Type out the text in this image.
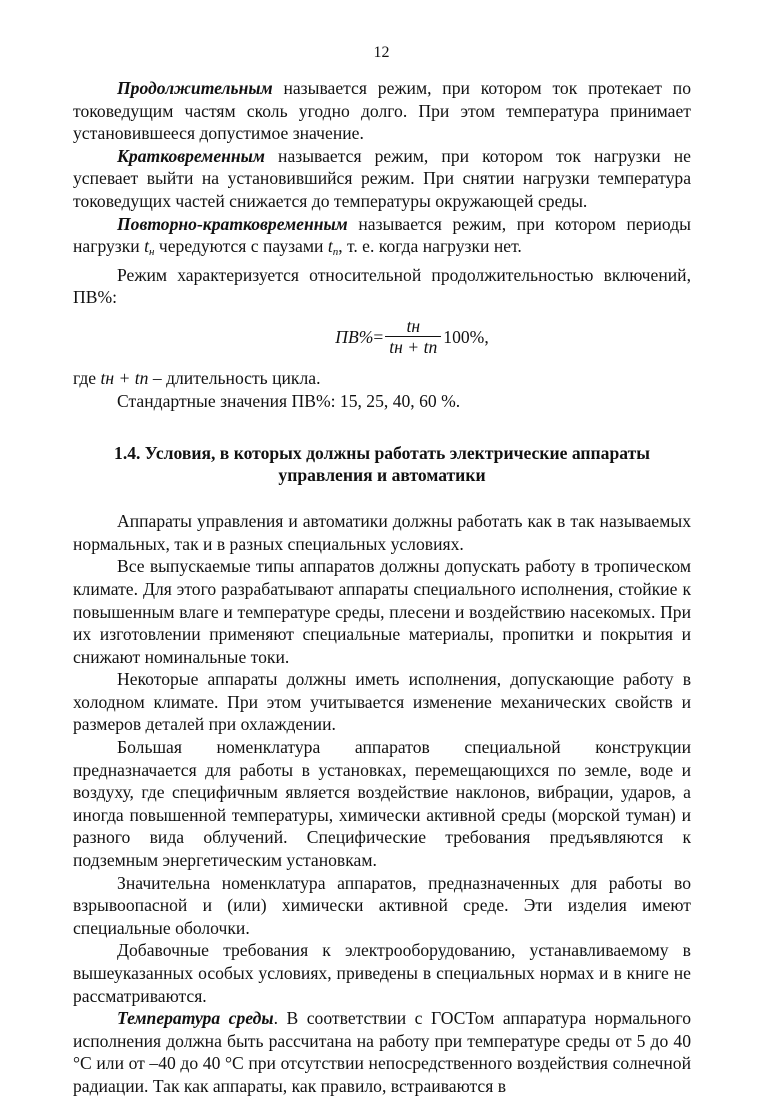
12

Продолжительным называется режим, при котором ток протекает по токоведущим частям сколь угодно долго. При этом температура принимает установившееся допустимое значение.

Кратковременным называется режим, при котором ток нагрузки не успевает выйти на установившийся режим. При снятии нагрузки температура токоведущих частей снижается до температуры окружающей среды.

Повторно-кратковременным называется режим, при котором периоды нагрузки $t_н$ чередуются с паузами $t_п$, т. е. когда нагрузки нет.

Режим характеризуется относительной продолжительностью включений, ПВ%:

$ПВ\% = \frac{tн}{tн + tп} 100\%$,

где tн + tп – длительность цикла.

Стандартные значения ПВ%: 15, 25, 40, 60 %.

1.4. Условия, в которых должны работать электрические аппараты
управления и автоматики

Аппараты управления и автоматики должны работать как в так называемых нормальных, так и в разных специальных условиях.

Все выпускаемые типы аппаратов должны допускать работу в тропическом климате. Для этого разрабатывают аппараты специального исполнения, стойкие к повышенным влаге и температуре среды, плесени и воздействию насекомых. При их изготовлении применяют специальные материалы, пропитки и покрытия и снижают номинальные токи.

Некоторые аппараты должны иметь исполнения, допускающие работу в холодном климате. При этом учитывается изменение механических свойств и размеров деталей при охлаждении.

Большая номенклатура аппаратов специальной конструкции предназначается для работы в установках, перемещающихся по земле, воде и воздуху, где специфичным является воздействие наклонов, вибрации, ударов, а иногда повышенной температуры, химически активной среды (морской туман) и разного вида облучений. Специфические требования предъявляются к подземным энергетическим установкам.

Значительна номенклатура аппаратов, предназначенных для работы во взрывоопасной и (или) химически активной среде. Эти изделия имеют специальные оболочки.

Добавочные требования к электрооборудованию, устанавливаемому в вышеуказанных особых условиях, приведены в специальных нормах и в книге не рассматриваются.

Температура среды. В соответствии с ГОСТом аппаратура нормального исполнения должна быть рассчитана на работу при температуре среды от 5 до 40 °С или от –40 до 40 °С при отсутствии непосредственного воздействия солнечной радиации. Так как аппараты, как правило, встраиваются в
